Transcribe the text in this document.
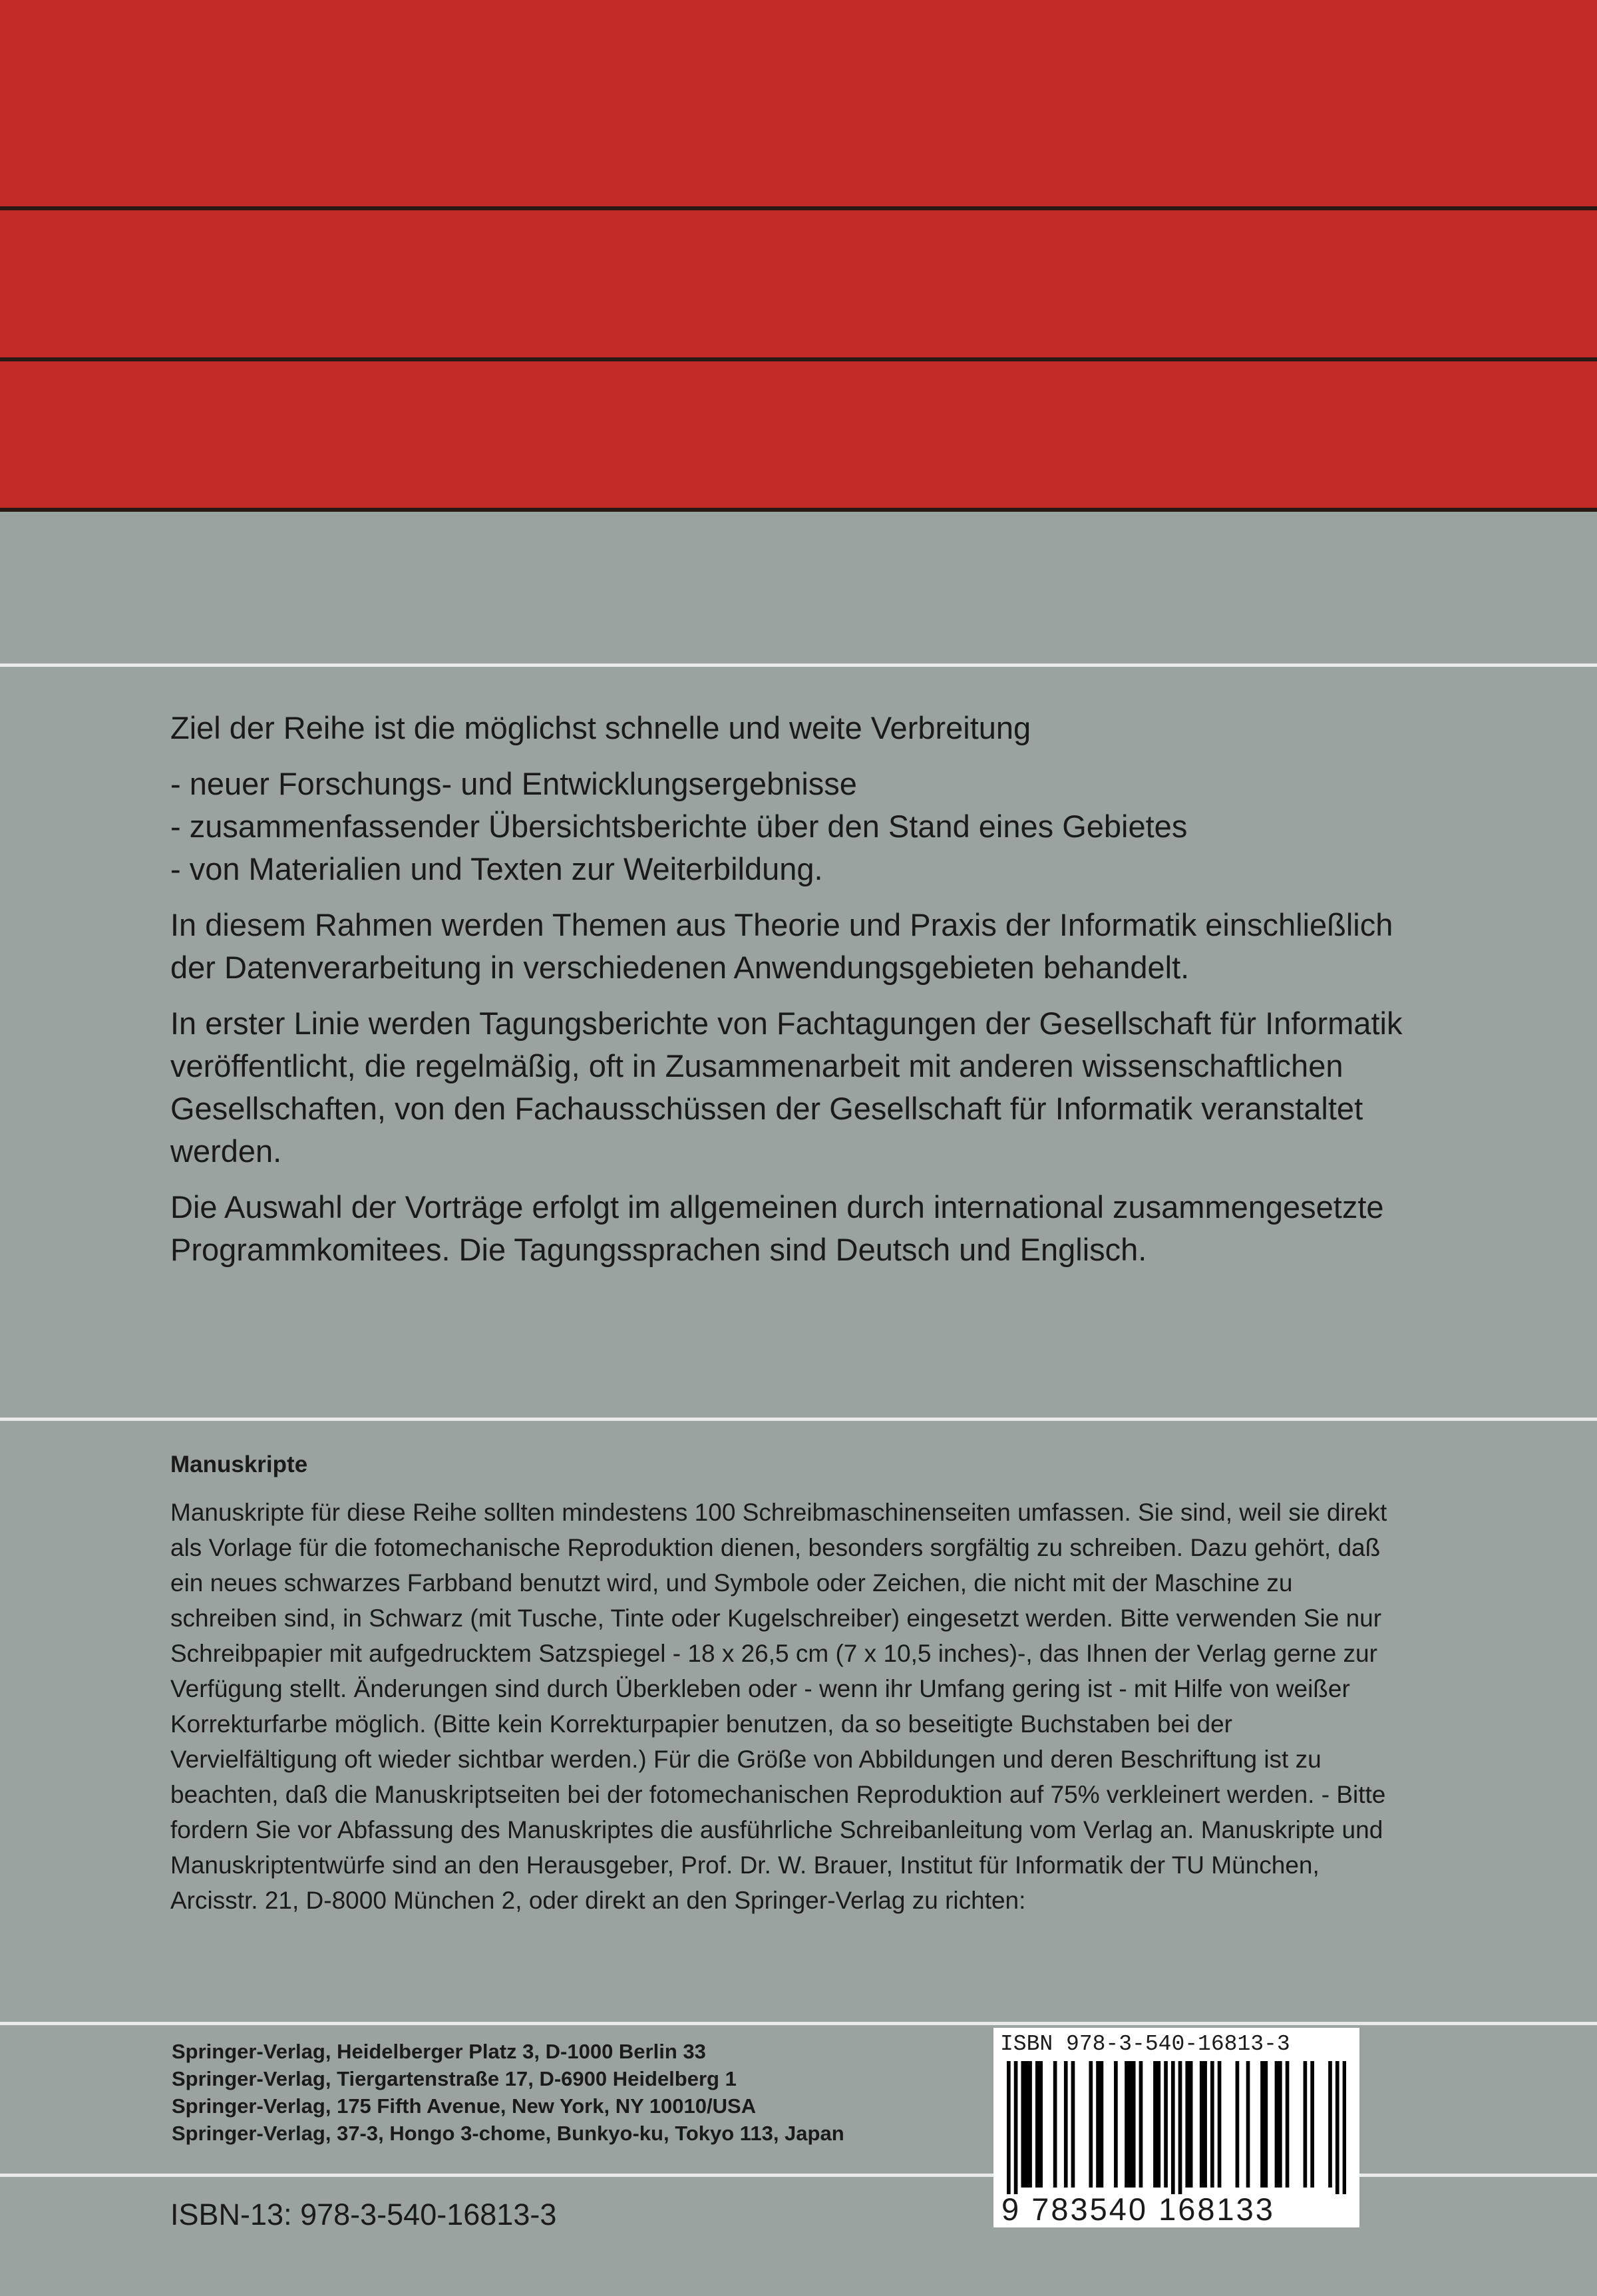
Ziel der Reihe ist die möglichst schnelle und weite Verbreitung

- neuer Forschungs- und Entwicklungsergebnisse
- zusammenfassender Übersichtsberichte über den Stand eines Gebietes
- von Materialien und Texten zur Weiterbildung.

In diesem Rahmen werden Themen aus Theorie und Praxis der Informatik einschließlich der Datenverarbeitung in verschiedenen Anwendungsgebieten behandelt.

In erster Linie werden Tagungsberichte von Fachtagungen der Gesellschaft für Informatik veröffentlicht, die regelmäßig, oft in Zusammenarbeit mit anderen wissenschaftlichen Gesellschaften, von den Fachausschüssen der Gesellschaft für Informatik veranstaltet werden.

Die Auswahl der Vorträge erfolgt im allgemeinen durch international zusammengesetzte Programmkomitees. Die Tagungssprachen sind Deutsch und Englisch.

Manuskripte

Manuskripte für diese Reihe sollten mindestens 100 Schreibmaschinenseiten umfassen. Sie sind, weil sie direkt als Vorlage für die fotomechanische Reproduktion dienen, besonders sorgfältig zu schreiben. Dazu gehört, daß ein neues schwarzes Farbband benutzt wird, und Symbole oder Zeichen, die nicht mit der Maschine zu schreiben sind, in Schwarz (mit Tusche, Tinte oder Kugelschreiber) eingesetzt werden. Bitte verwenden Sie nur Schreibpapier mit aufgedrucktem Satzspiegel - 18 x 26,5 cm (7 x 10,5 inches)-, das Ihnen der Verlag gerne zur Verfügung stellt. Änderungen sind durch Überkleben oder - wenn ihr Umfang gering ist - mit Hilfe von weißer Korrekturfarbe möglich. (Bitte kein Korrekturpapier benutzen, da so beseitigte Buchstaben bei der Vervielfältigung oft wieder sichtbar werden.) Für die Größe von Abbildungen und deren Beschriftung ist zu beachten, daß die Manuskriptseiten bei der fotomechanischen Reproduktion auf 75% verkleinert werden. - Bitte fordern Sie vor Abfassung des Manuskriptes die ausführliche Schreibanleitung vom Verlag an. Manuskripte und Manuskriptentwürfe sind an den Herausgeber, Prof. Dr. W. Brauer, Institut für Informatik der TU München, Arcisstr. 21, D-8000 München 2, oder direkt an den Springer-Verlag zu richten:

Springer-Verlag, Heidelberger Platz 3, D-1000 Berlin 33
Springer-Verlag, Tiergartenstraße 17, D-6900 Heidelberg 1
Springer-Verlag, 175 Fifth Avenue, New York, NY 10010/USA
Springer-Verlag, 37-3, Hongo 3-chome, Bunkyo-ku, Tokyo 113, Japan
ISBN-13: 978-3-540-16813-3
ISBN 978-3-540-16813-3
9 783540 168133
